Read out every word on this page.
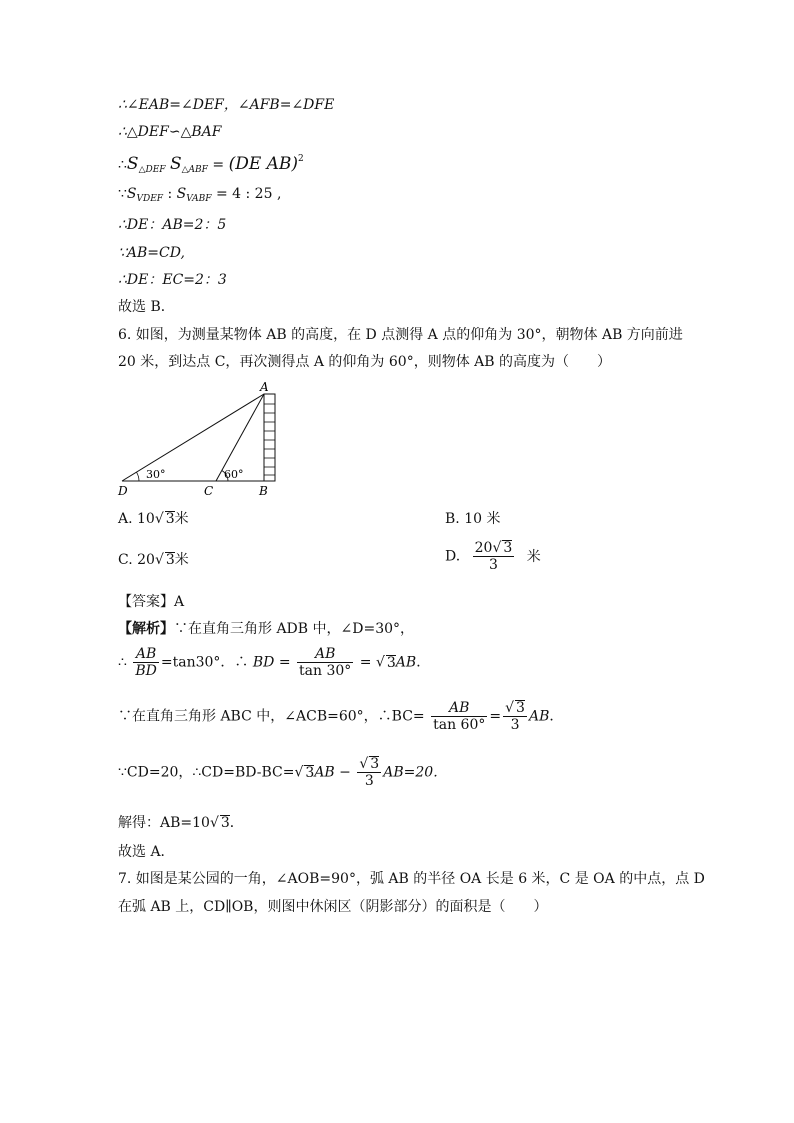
∴∠EAB=∠DEF，∠AFB=∠DFE
∴△DEF∽△BAF
$\therefore S_{\triangle DEF}$ $S_{\triangle ABF} = (DE$ AB)$^2$
$\because S_{VDEF}$ : $S_{VABF} = 4$ : 25 ,
∴DE：AB=2：5
∵AB=CD,
∴DE：EC=2：3
故选 B．
6. 如图，为测量某物体 AB 的高度，在 D 点测得 A 点的仰角为 30°，朝物体 AB 方向前进
20 米，到达点 C，再次测得点 A 的仰角为 60°，则物体 AB 的高度为（　　）
A
B
C
D
30°	60°
A. 10√ 3米	B. 10 米
C. 20√ 3米	D. $\frac{20√ 3}{3}$ 米
【答案】A
【解析】∵在直角三角形 ADB 中，∠D=30°，
∴ $\frac{AB}{BD} =\tan 30^\circ$．∴ BD = $\frac{AB}{\tan 30^\circ}$ = √ 3AB．
∵在直角三角形 ABC 中，∠ACB=60°，∴BC= $\frac{AB}{\tan 60^\circ} = \frac{√ 3}{3}$ AB．
∵CD=20，∴CD=BD-BC=√ $3AB - \frac{√ 3}{3} AB=20$．
解得：AB=10√ 3．
故选 A．
7. 如图是某公园的一角，∠AOB=90°，弧 AB 的半径 OA 长是 6 米，C 是 OA 的中点，点 D
在弧 AB 上，CD∥OB，则图中休闲区（阴影部分）的面积是（　　）
